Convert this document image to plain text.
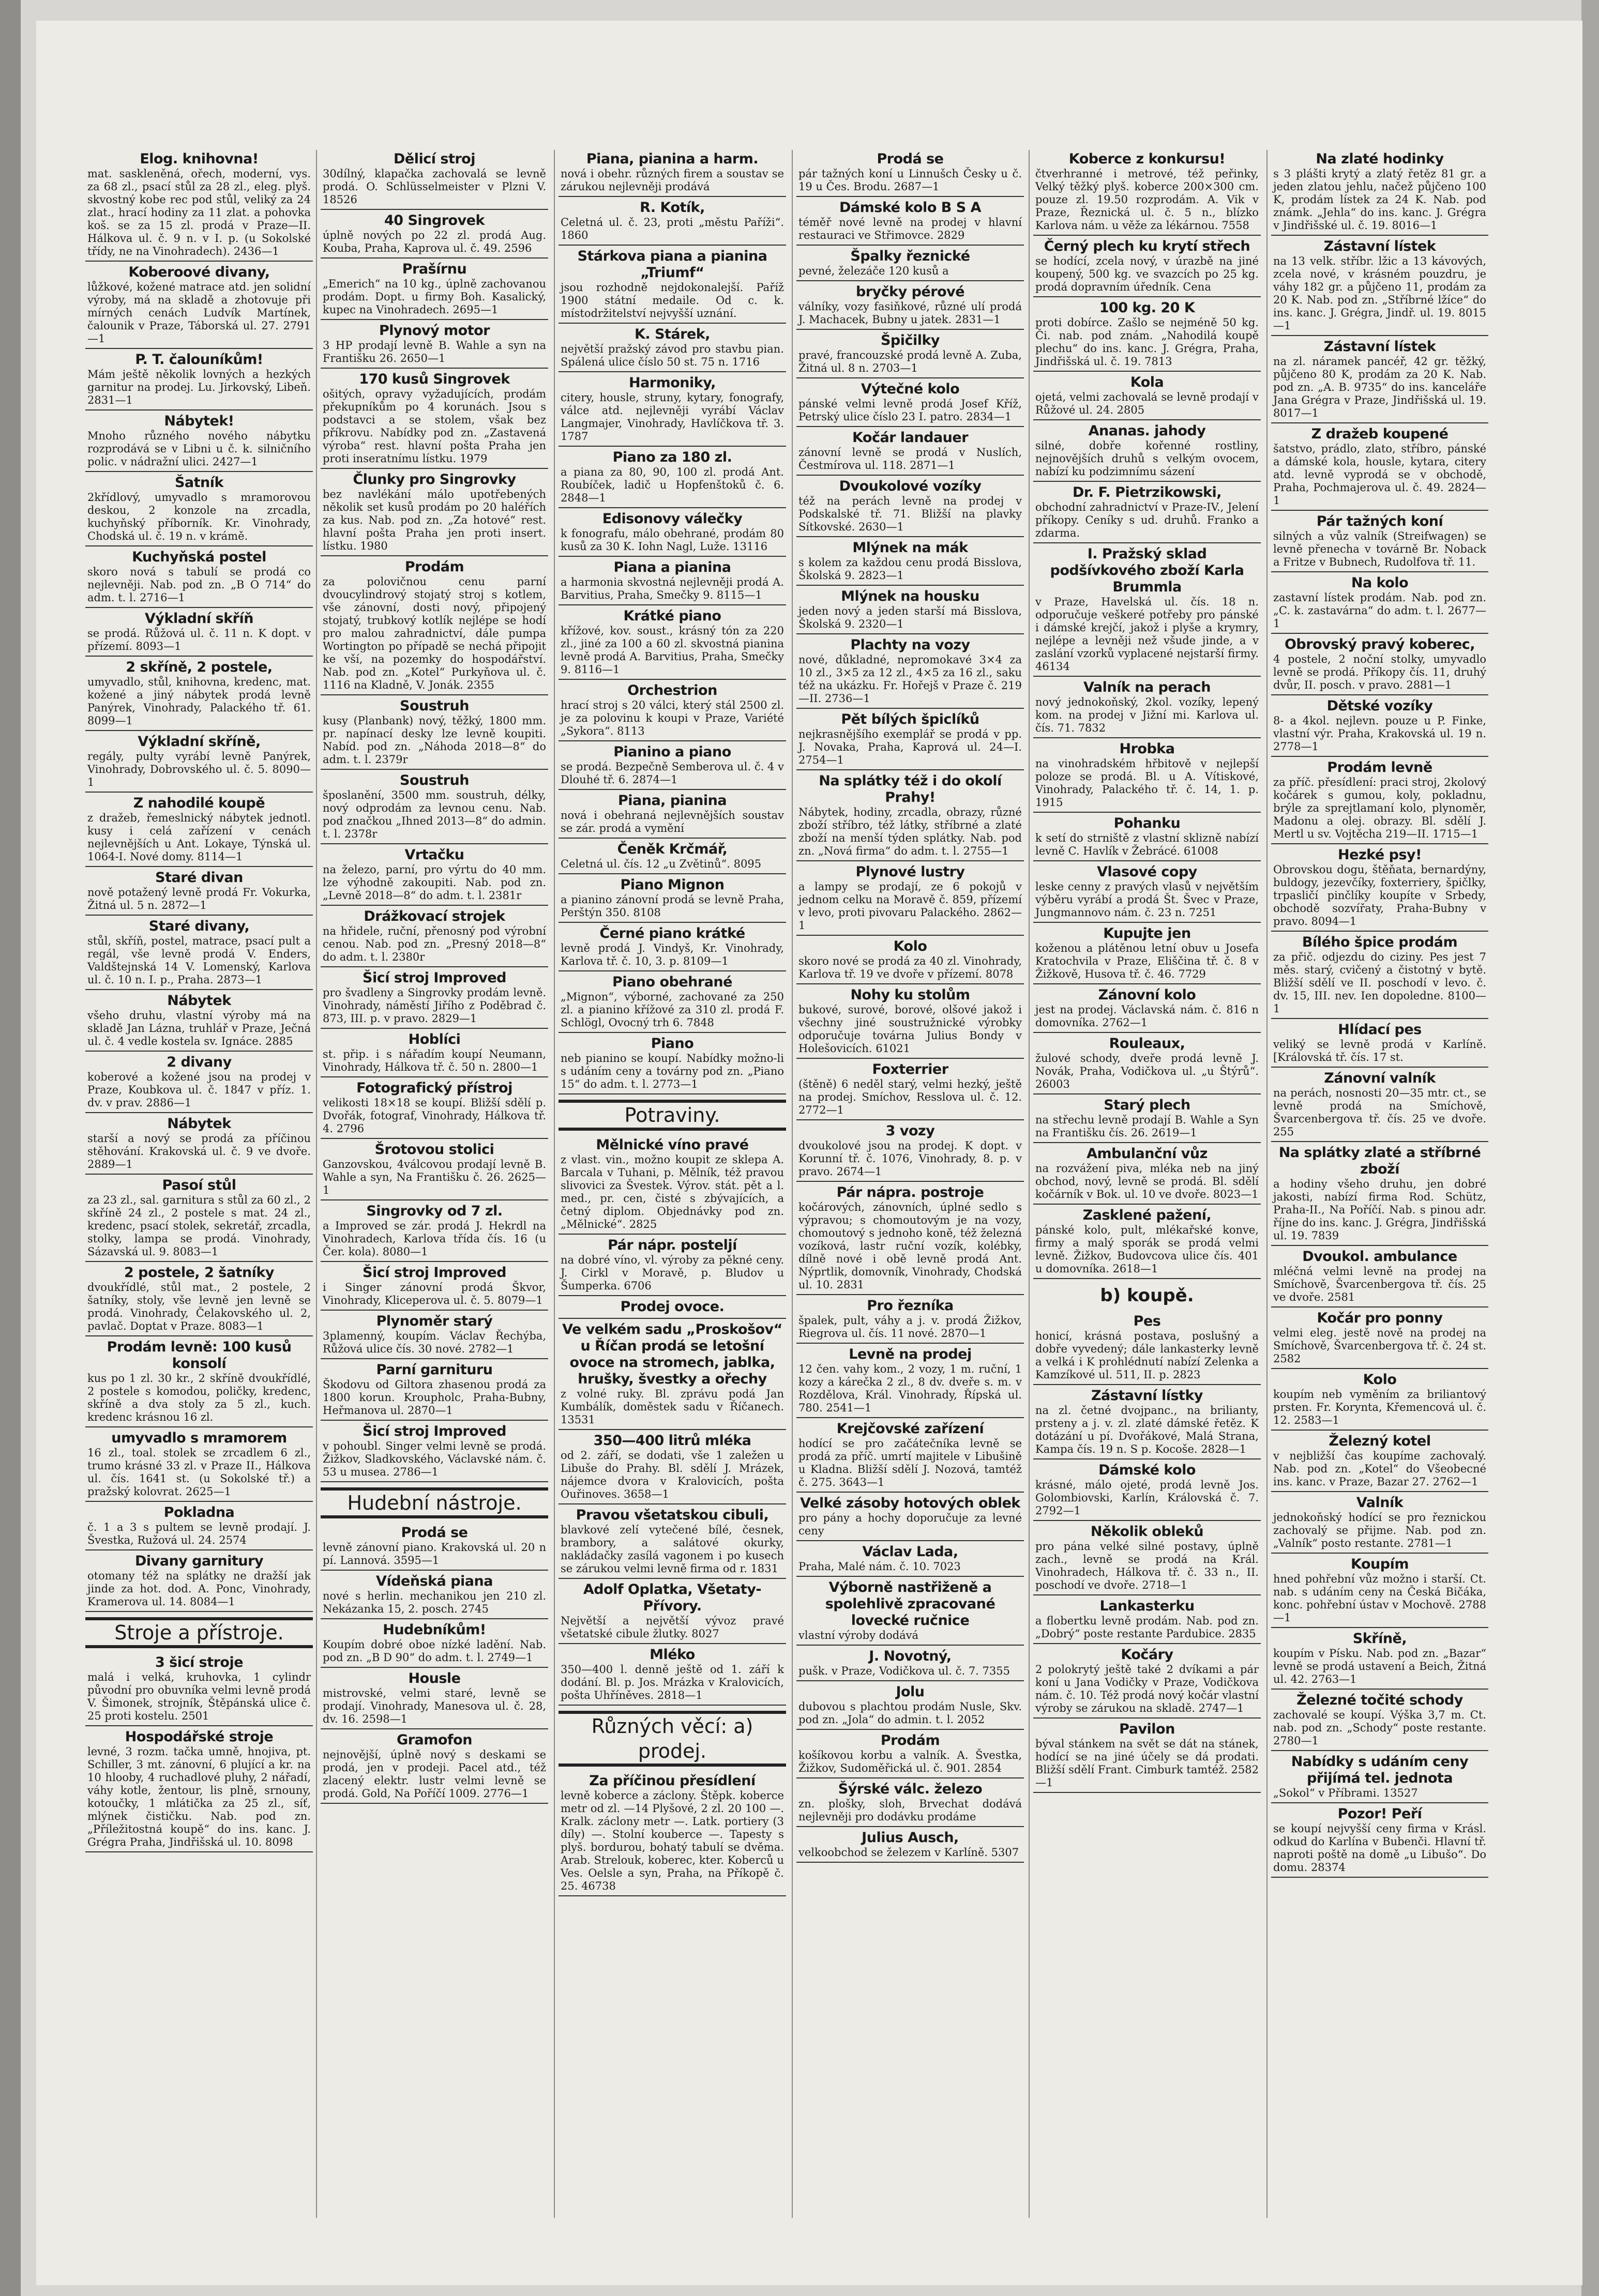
Elog. knihovna!

mat. saskleněná, ořech, moderní, vys. za 68 zl., psací stůl za 28 zl., eleg. plyš. skvostný kobe rec pod stůl, veliký za 24 zlat., hrací hodiny za 11 zlat. a pohovka koš. se za 15 zl. prodá v Praze—II. Hálkova ul. č. 9 n. v I. p. (u Sokolské třídy, ne na Vinohradech). 2436—1

Koberoové divany,

lůžkové, kožené matrace atd. jen solidní výroby, má na skladě a zhotovuje při mírných cenách Ludvík Martínek, čalounik v Praze, Táborská ul. 27. 2791—1

P. T. čalouníkům!

Mám ještě několik lovných a hezkých garnitur na prodej. Lu. Jirkovský, Libeň. 2831—1

Nábytek!

Mnoho různého nového nábytku rozprodává se v Libni u č. k. silničního polic. v nádražní ulici. 2427—1

Šatník

2křídlový, umyvadlo s mramorovou deskou, 2 konzole na zrcadla, kuchyňský příborník. Kr. Vinohrady, Chodská ul. č. 19 n. v krámě.

Kuchyňská postel

skoro nová s tabulí se prodá co nejlevněji. Nab. pod zn. „B O 714“ do adm. t. l. 2716—1

Výkladní skříň

se prodá. Růžová ul. č. 11 n. K dopt. v přízemí. 8093—1

2 skříně, 2 postele,

umyvadlo, stůl, knihovna, kredenc, mat. kožené a jiný nábytek prodá levně Panýrek, Vinohrady, Palackého tř. 61. 8099—1

Výkladní skříně,

regály, pulty vyrábí levně Panýrek, Vinohrady, Dobrovského ul. č. 5. 8090—1

Z nahodilé koupě

z dražeb, řemeslnický nábytek jednotl. kusy i celá zařízení v cenách nejlevnějších u Ant. Lokaye, Týnská ul. 1064-I. Nové domy. 8114—1

Staré divan

nově potažený levně prodá Fr. Vokurka, Žitná ul. 5 n. 2872—1

Staré divany,

stůl, skříň, postel, matrace, psací pult a regál, vše levně prodá V. Enders, Valdštejnská 14 V. Lomenský, Karlova ul. č. 10 n. I. p., Praha. 2873—1

Nábytek

všeho druhu, vlastní výroby má na skladě Jan Lázna, truhlář v Praze, Ječná ul. č. 4 vedle kostela sv. Ignáce. 2885

2 divany

koberové a kožené jsou na prodej v Praze, Koubkova ul. č. 1847 v příz. 1. dv. v prav. 2886—1

Nábytek

starší a nový se prodá za příčinou stěhování. Krakovská ul. č. 9 ve dvoře. 2889—1

Pasoí stůl

za 23 zl., sal. garnitura s stůl za 60 zl., 2 skříně 24 zl., 2 postele s mat. 24 zl., kredenc, psací stolek, sekretář, zrcadla, stolky, lampa se prodá. Vinohrady, Sázavská ul. 9. 8083—1

2 postele, 2 šatníky

dvoukřídlé, stůl mat., 2 postele, 2 šatníky, stoly, vše levně jen levně se prodá. Vinohrady, Čelakovského ul. 2, pavlač. Doptat v Praze. 8083—1

Prodám levně: 100 kusů konsolí

kus po 1 zl. 30 kr., 2 skříně dvoukřídlé, 2 postele s komodou, poličky, kredenc, skříně a dva stoly za 5 zl., kuch. kredenc krásnou 16 zl.

umyvadlo s mramorem

16 zl., toal. stolek se zrcadlem 6 zl., trumo krásné 33 zl. v Praze II., Hálkova ul. čís. 1641 st. (u Sokolské tř.) a pražský kolovrat. 2625—1

Pokladna

č. 1 a 3 s pultem se levně prodají. J. Švestka, Ružová ul. 24. 2574

Divany garnitury

otomany též na splátky ne dražší jak jinde za hot. dod. A. Ponc, Vinohrady, Kramerova ul. 14. 8084—1

Stroje a přístroje.
3 šicí stroje

malá i velká, kruhovka, 1 cylindr původní pro obuvníka velmi levně prodá V. Šimonek, strojník, Štěpánská ulice č. 25 proti kostelu. 2501

Hospodářské stroje

levné, 3 rozm. tačka umně, hnojiva, pt. Schiller, 3 mt. zánovní, 6 plující a kr. na 10 hlooby, 4 ruchadlové pluhy, 2 nářadí, váhy kotle, žentour, lis plně, srnouny, kotoučky, 1 mlátička za 25 zl., síť, mlýnek čističku. Nab. pod zn. „Příležitostná koupě“ do ins. kanc. J. Grégra Praha, Jindřišská ul. 10. 8098

Dělicí stroj

30dílný, klapačka zachovalá se levně prodá. O. Schlüsselmeister v Plzni V. 18526

40 Singrovek

úplně nových po 22 zl. prodá Aug. Kouba, Praha, Kaprova ul. č. 49. 2596

Prašírnu

„Emerich“ na 10 kg., úplně zachovanou prodám. Dopt. u firmy Boh. Kasalický, kupec na Vinohradech. 2695—1

Plynový motor

3 HP prodají levně B. Wahle a syn na Františku 26. 2650—1

170 kusů Singrovek

ošitých, opravy vyžadujících, prodám překupníkům po 4 korunách. Jsou s podstavci a se stolem, však bez příkrovu. Nabídky pod zn. „Zastavená výroba“ rest. hlavní pošta Praha jen proti inseratnímu lístku. 1979

Člunky pro Singrovky

bez navlékání málo upotřebených několik set kusů prodám po 20 haléřích za kus. Nab. pod zn. „Za hotové“ rest. hlavní pošta Praha jen proti insert. lístku. 1980

Prodám

za polovičnou cenu parní dvoucylindrový stojatý stroj s kotlem, vše zánovní, dosti nový, připojený stojatý, trubkový kotlík nejlépe se hodí pro malou zahradnictví, dále pumpa Wortington po případě se nechá připojit ke vší, na pozemky do hospodářství. Nab. pod zn. „Kotel“ Purkyňova ul. č. 1116 na Kladně, V. Jonák. 2355

Soustruh

kusy (Planbank) nový, těžký, 1800 mm. pr. napínací desky lze levně koupiti. Nabíd. pod zn. „Náhoda 2018—8“ do adm. t. l. 2379r

Soustruh

šposlanění, 3500 mm. soustruh, délky, nový odprodám za levnou cenu. Nab. pod značkou „Ihned 2013—8“ do admin. t. l. 2378r

Vrtačku

na železo, parní, pro výrtu do 40 mm. lze výhodně zakoupiti. Nab. pod zn. „Levně 2018—8“ do adm. t. l. 2381r

Drážkovací strojek

na hřidele, ruční, přenosný pod výrobní cenou. Nab. pod zn. „Presný 2018—8“ do adm. t. l. 2380r

Šicí stroj Improved

pro švadleny a Singrovky prodám levně. Vinohrady, náměstí Jiřího z Poděbrad č. 873, III. p. v pravo. 2829—1

Hoblíci

st. přip. i s nářadím koupí Neumann, Vinohrady, Hálkova tř. č. 50 n. 2800—1

Fotografický přístroj

velikosti 18×18 se koupí. Bližší sdělí p. Dvořák, fotograf, Vinohrady, Hálkova tř. 4. 2796

Šrotovou stolici

Ganzovskou, 4válcovou prodají levně B. Wahle a syn, Na Františku č. 26. 2625—1

Singrovky od 7 zl.

a Improved se zár. prodá J. Hekrdl na Vinohradech, Karlova třída čís. 16 (u Čer. kola). 8080—1

Šicí stroj Improved

i Singer zánovní prodá Škvor, Vinohrady, Kliceperova ul. č. 5. 8079—1

Plynoměr starý

3plamenný, koupím. Václav Řechýba, Růžová ulice čís. 30 nové. 2782—1

Parní garnituru

Škodovu od Giltora zhasenou prodá za 1800 korun. Kroupholc, Praha-Bubny, Heřmanova ul. 2870—1

Šicí stroj Improved

v pohoubl. Singer velmi levně se prodá. Žižkov, Sladkovského, Václavské nám. č. 53 u musea. 2786—1

Hudební nástroje.
Prodá se

levně zánovní piano. Krakovská ul. 20 n pí. Lannová. 3595—1

Vídeňská piana

nové s herlin. mechanikou jen 210 zl. Nekázanka 15, 2. posch. 2745

Hudebníkům!

Koupím dobré oboe nízké ladění. Nab. pod zn. „B D 90“ do adm. t. l. 2749—1

Housle

mistrovské, velmi staré, levně se prodají. Vinohrady, Manesova ul. č. 28, dv. 16. 2598—1

Gramofon

nejnovější, úplně nový s deskami se prodá, jen v prodeji. Pacel atd., též zlacený elektr. lustr velmi levně se prodá. Gold, Na Poříčí 1009. 2776—1

Piana, pianina a harm.

nová i obehr. různých firem a soustav se zárukou nejlevněji prodává

R. Kotík,

Celetná ul. č. 23, proti „městu Paříži“. 1860

Stárkova piana a pianina „Triumf“

jsou rozhodně nejdokonalejší. Paříž 1900 státní medaile. Od c. k. místodržitelství nejvyšší uznání.

K. Stárek,

největší pražský závod pro stavbu pian. Spálená ulice číslo 50 st. 75 n. 1716

Harmoniky,

citery, housle, struny, kytary, fonografy, válce atd. nejlevněji vyrábí Václav Langmajer, Vinohrady, Havlíčkova tř. 3. 1787

Piano za 180 zl.

a piana za 80, 90, 100 zl. prodá Ant. Roubíček, ladič u Hopfenštoků č. 6. 2848—1

Edisonovy válečky

k fonografu, málo obehrané, prodám 80 kusů za 30 K. Iohn Nagl, Luže. 13116

Piana a pianina

a harmonia skvostná nejlevněji prodá A. Barvitius, Praha, Smečky 9. 8115—1

Krátké piano

křížové, kov. soust., krásný tón za 220 zl., jiné za 100 a 60 zl. skvostná pianina levně prodá A. Barvitius, Praha, Smečky 9. 8116—1

Orchestrion

hrací stroj s 20 válci, který stál 2500 zl. je za polovinu k koupi v Praze, Variété „Sykora“. 8113

Pianino a piano

se prodá. Bezpečně Semberova ul. č. 4 v Dlouhé tř. 6. 2874—1

Piana, pianina

nová i obehraná nejlevnějších soustav se zár. prodá a vymění

Čeněk Krčmář,

Celetná ul. čís. 12 „u Zvětinů“. 8095

Piano Mignon

a pianino zánovní prodá se levně Praha, Perštýn 350. 8108

Černé piano krátké

levně prodá J. Vindyš, Kr. Vinohrady, Karlova tř. č. 10, 3. p. 8109—1

Piano obehrané

„Mignon“, výborné, zachované za 250 zl. a pianino křížové za 310 zl. prodá F. Schlögl, Ovocný trh 6. 7848

Piano

neb pianino se koupí. Nabídky možno-li s udáním ceny a továrny pod zn. „Piano 15“ do adm. t. l. 2773—1

Potraviny.
Mělnické víno pravé

z vlast. vin., možno koupit ze sklepa A. Barcala v Tuhani, p. Mělník, též pravou slivovici za Švestek. Výrov. stát. pět a l. med., pr. cen, čisté s zbývajících, a četný diplom. Objednávky pod zn. „Mělnické“. 2825

Pár nápr. posteljí

na dobré víno, vl. výroby za pěkné ceny. J. Cirkl v Moravě, p. Bludov u Šumperka. 6706

Prodej ovoce.
Ve velkém sadu „Proskošov“ u Říčan prodá se letošní ovoce na stromech, jablka, hrušky, švestky a ořechy

z volné ruky. Bl. zprávu podá Jan Kumbálík, doměstek sadu v Říčanech. 13531

350—400 litrů mléka

od 2. září, se dodati, vše 1 zaležen u Libuše do Prahy. Bl. sdělí J. Mrázek, nájemce dvora v Kralovicích, pošta Ouřinoves. 3658—1

Pravou všetatskou cibuli,

blavkové zelí vytečené bílé, česnek, brambory, a salátové okurky, nakládačky zasílá vagonem i po kusech se zárukou velmi levně firma od r. 1831

Adolf Oplatka, Všetaty-Přívory.

Největší a největší vývoz pravé všetatské cibule žlutky. 8027

Mléko

350—400 l. denně ještě od 1. září k dodání. Bl. p. Jos. Mrázka v Kralovicích, pošta Uhříněves. 2818—1

Různých věcí: a) prodej.
Za příčinou přesídlení

levně koberce a záclony. Štěpk. koberce metr od zl. —14 Plyšové, 2 zl. 20 100 —. Kralk. záclony metr —. Latk. portiery (3 díly) —. Stolní kouberce —. Tapesty s plyš. bordurou, bohatý tabulí se dvěma. Arab. Strelouk, koberec, kter. Koberců u Ves. Oelsle a syn, Praha, na Příkopě č. 25. 46738

Prodá se

pár tažných koní u Linnušch Česky u č. 19 u Čes. Brodu. 2687—1

Dámské kolo B S A

téměř nové levně na prodej v hlavní restauraci ve Střimovce. 2829

Špalky řeznické

pevné, železáče 120 kusů a

bryčky pérové

válníky, vozy fasiňkové, různé ulí prodá J. Machacek, Bubny u jatek. 2831—1

Špičilky

pravé, francouzské prodá levně A. Zuba, Žitná ul. 8 n. 2703—1

Výtečné kolo

pánské velmi levně prodá Josef Kříž, Petrský ulice číslo 23 I. patro. 2834—1

Kočár landauer

zánovní levně se prodá v Nuslích, Čestmírova ul. 118. 2871—1

Dvoukolové vozíky

též na perách levně na prodej v Podskalské tř. 71. Bližší na plavky Sítkovské. 2630—1

Mlýnek na mák

s kolem za každou cenu prodá Bisslova, Školská 9. 2823—1

Mlýnek na housku

jeden nový a jeden starší má Bisslova, Školská 9. 2320—1

Plachty na vozy

nové, důkladné, nepromokavé 3×4 za 10 zl., 3×5 za 12 zl., 4×5 za 16 zl., saku též na ukázku. Fr. Hořejš v Praze č. 219—II. 2736—1

Pět bílých špiclíků

nejkrasnějšího exemplář se prodá v pp. J. Novaka, Praha, Kaprová ul. 24—I. 2754—1

Na splátky též i do okolí Prahy!

Nábytek, hodiny, zrcadla, obrazy, různé zboží stříbro, též látky, stříbrné a zlaté zboží na menší týden splátky. Nab. pod zn. „Nová firma“ do adm. t. l. 2755—1

Plynové lustry

a lampy se prodají, ze 6 pokojů v jednom celku na Moravě č. 859, přízemí v levo, proti pivovaru Palackého. 2862—1

Kolo

skoro nové se prodá za 40 zl. Vinohrady, Karlova tř. 19 ve dvoře v přízemí. 8078

Nohy ku stolům

bukové, surové, borové, olšové jakož i všechny jiné soustružnické výrobky odporučuje továrna Julius Bondy v Holešovicích. 61021

Foxterrier

(štěně) 6 neděl starý, velmi hezký, ještě na prodej. Smíchov, Resslova ul. č. 12. 2772—1

3 vozy

dvoukolové jsou na prodej. K dopt. v Korunní tř. č. 1076, Vinohrady, 8. p. v pravo. 2674—1

Pár nápra. postroje

kočárových, zánovních, úplné sedlo s výpravou; s chomoutovým je na vozy, chomoutový s jednoho koně, též železná vozíková, lastr ruční vozík, kolébky, dílně nové i obě levně prodá Ant. Nýprtlik, domovník, Vinohrady, Chodská ul. 10. 2831

Pro řezníka

špalek, pult, váhy a j. v. prodá Žižkov, Riegrova ul. čís. 11 nové. 2870—1

Levně na prodej

12 čen. vahy kom., 2 vozy, 1 m. ruční, 1 kozy a kárečka 2 zl., 8 dv. dveře s. m. v Rozdělova, Král. Vinohrady, Řípská ul. 780. 2541—1

Krejčovské zařízení

hodící se pro začátečníka levně se prodá za příč. umrtí majitele v Libušině u Kladna. Bližší sdělí J. Nozová, tamtéž č. 275. 3643—1

Velké zásoby hotových oblek

pro pány a hochy doporučuje za levné ceny

Václav Lada,

Praha, Malé nám. č. 10. 7023

Výborně nastřiženě a spolehlivě zpracované lovecké ručnice

vlastní výroby dodává

J. Novotný,

pušk. v Praze, Vodičkova ul. č. 7. 7355

Jolu

dubovou s plachtou prodám Nusle, Skv. pod zn. „Jola“ do admin. t. l. 2052

Prodám

košíkovou korbu a valník. A. Švestka, Žižkov, Sudoměřická ul. č. 901. 2854

Šýrské válc. železo

zn. plošky, sloh, Brvechat dodává nejlevněji pro dodávku prodáme

Julius Ausch,

velkoobchod se železem v Karlíně. 5307

Koberce z konkursu!

čtverhranné i metrové, též peřinky, Velký těžký plyš. koberce 200×300 cm. pouze zl. 19.50 rozprodám. A. Vik v Praze, Řeznická ul. č. 5 n., blízko Karlova nám. u věže za lékárnou. 7558

Černý plech ku krytí střech

se hodící, zcela nový, v úrazbě na jiné koupený, 500 kg. ve svazcích po 25 kg. prodá dopravním úředník. Cena

100 kg. 20 K

proti dobírce. Zašlo se nejméně 50 kg. Či. nab. pod znám. „Nahodilá koupě plechu“ do ins. kanc. J. Grégra, Praha, Jindřišská ul. č. 19. 7813

Kola

ojetá, velmi zachovalá se levně prodají v Růžové ul. 24. 2805

Ananas. jahody

silné, dobře kořenné rostliny, nejnovějších druhů s velkým ovocem, nabízí ku podzimnímu sázení

Dr. F. Pietrzikowski,

obchodní zahradnictví v Praze-IV., Jelení příkopy. Ceníky s ud. druhů. Franko a zdarma.

I. Pražský sklad podšívkového zboží Karla Brummla

v Praze, Havelská ul. čís. 18 n. odporučuje veškeré potřeby pro pánské i dámské krejčí, jakož i plyše a krymry, nejlépe a levněji než všude jinde, a v zaslání vzorků vyplacené nejstarší firmy. 46134

Valník na perach

nový jednokoňský, 2kol. vozíky, lepený kom. na prodej v Jižní mi. Karlova ul. čís. 71. 7832

Hrobka

na vinohradském hřbitově v nejlepší poloze se prodá. Bl. u A. Vítiskové, Vinohrady, Palackého tř. č. 14, 1. p. 1915

Pohanku

k setí do strniště z vlastní sklizně nabízí levně C. Havlík v Žebrácé. 61008

Vlasové copy

leske cenny z pravých vlasů v největším výběru vyrábí a prodá Št. Švec v Praze, Jungmannovo nám. č. 23 n. 7251

Kupujte jen

koženou a plátěnou letní obuv u Josefa Kratochvila v Praze, Eliščina tř. č. 8 v Žižkově, Husova tř. č. 46. 7729

Zánovní kolo

jest na prodej. Václavská nám. č. 816 n domovníka. 2762—1

Rouleaux,

žulové schody, dveře prodá levně J. Novák, Praha, Vodičkova ul. „u Štýrů“. 26003

Starý plech

na střechu levně prodají B. Wahle a Syn na Františku čís. 26. 2619—1

Ambulanční vůz

na rozvážení piva, mléka neb na jiný obchod, nový, levně se prodá. Bl. sdělí kočárník v Bok. ul. 10 ve dvoře. 8023—1

Zasklené pažení,

pánské kolo, pult, mlékařské konve, firmy a malý sporák se prodá velmi levně. Žižkov, Budovcova ulice čís. 401 u domovníka. 2618—1

b) koupě.
Pes

honicí, krásná postava, poslušný a dobře vyvedený; dále lankasterky levně a velká i K prohlédnutí nabízí Zelenka a Kamzíkové ul. 511, II. p. 2823

Zástavní lístky

na zl. četné dvojpanc., na brilianty, prsteny a j. v. zl. zlaté dámské řetěz. K dotázání u pí. Dvořákové, Malá Strana, Kampa čís. 19 n. S p. Kocoše. 2828—1

Dámské kolo

krásné, málo ojeté, prodá levně Jos. Golombiovski, Karlín, Královská č. 7. 2792—1

Několik obleků

pro pána velké silné postavy, úplně zach., levně se prodá na Král. Vinohradech, Hálkova tř. č. 33 n., II. poschodí ve dvoře. 2718—1

Lankasterku

a flobertku levně prodám. Nab. pod zn. „Dobrý“ poste restante Pardubice. 2835

Kočáry

2 polokrytý ještě také 2 dvíkami a pár koní u Jana Vodičky v Praze, Vodičkova nám. č. 10. Též prodá nový kočár vlastní výroby se zárukou na skladě. 2747—1

Pavilon

býval stánkem na svět se dát na stánek, hodící se na jiné účely se dá prodati. Bližší sdělí Frant. Cimburk tamtéž. 2582—1

Na zlaté hodinky

s 3 plášti krytý a zlatý řetěz 81 gr. a jeden zlatou jehlu, načež půjčeno 100 K, prodám lístek za 24 K. Nab. pod známk. „Jehla“ do ins. kanc. J. Grégra v Jindřišské ul. č. 19. 8016—1

Zástavní lístek

na 13 velk. stříbr. lžic a 13 kávových, zcela nové, v krásném pouzdru, je váhy 182 gr. a půjčeno 11, prodám za 20 K. Nab. pod zn. „Stříbrné lžíce“ do ins. kanc. J. Grégra, Jindř. ul. 19. 8015—1

Zástavní lístek

na zl. náramek pancéř, 42 gr. těžký, půjčeno 80 K, prodám za 20 K. Nab. pod zn. „A. B. 9735“ do ins. kanceláře Jana Grégra v Praze, Jindřišská ul. 19. 8017—1

Z dražeb koupené

šatstvo, prádlo, zlato, stříbro, pánské a dámské kola, housle, kytara, citery atd. levně vyprodá se v obchodě, Praha, Pochmajerova ul. č. 49. 2824—1

Pár tažných koní

silných a vůz valník (Streifwagen) se levně přenecha v továrně Br. Noback a Fritze v Bubnech, Rudolfova tř. 11.

Na kolo

zastavní lístek prodám. Nab. pod zn. „C. k. zastavárna“ do adm. t. l. 2677—1

Obrovský pravý koberec,

4 postele, 2 noční stolky, umyvadlo levně se prodá. Příkopy čís. 11, druhý dvůr, II. posch. v pravo. 2881—1

Dětské vozíky

8- a 4kol. nejlevn. pouze u P. Finke, vlastní výr. Praha, Krakovská ul. 19 n. 2778—1

Prodám levně

za příč. přesídlení: praci stroj, 2kolový kočárek s gumou, koly, pokladnu, brýle za sprejtlamaní kolo, plynoměr, Madonu a olej. obrazy. Bl. sdělí J. Mertl u sv. Vojtěcha 219—II. 1715—1

Hezké psy!

Obrovskou dogu, štěňata, bernardýny, buldogy, jezevčíky, foxterriery, špičlky, trpasličí pinčlíky koupíte v Srbedy, obchodě sozvířaty, Praha-Bubny v pravo. 8094—1

Bílého špice prodám

za přič. odjezdu do ciziny. Pes jest 7 měs. starý, cvičený a čistotný v bytě. Bližší sdělí ve II. poschodí v levo. č. dv. 15, III. nev. Ien dopoledne. 8100—1

Hlídací pes

veliký se levně prodá v Karlíně. [Královská tř. čís. 17 st.

Zánovní valník

na perách, nosnosti 20—35 mtr. ct., se levně prodá na Smíchově, Švarcenbergova tř. čís. 25 ve dvoře. 255

Na splátky zlaté a stříbrné zboží

a hodiny všeho druhu, jen dobré jakosti, nabízí firma Rod. Schütz, Praha-II., Na Poříčí. Nab. s pinou adr. říjne do ins. kanc. J. Grégra, Jindřišská ul. 19. 7839

Dvoukol. ambulance

mléčná velmi levně na prodej na Smíchově, Švarcenbergova tř. čís. 25 ve dvoře. 2581

Kočár pro ponny

velmi eleg. jestě nově na prodej na Smíchově, Švarcenbergova tř. č. 24 st. 2582

Kolo

koupím neb vyměním za briliantový prsten. Fr. Korynta, Křemencová ul. č. 12. 2583—1

Železný kotel

v nejbližší čas koupíme zachovalý. Nab. pod zn. „Kotel“ do Všeobecné ins. kanc. v Praze, Bazar 27. 2762—1

Valník

jednokoňský hodící se pro řeznickou zachovalý se přijme. Nab. pod zn. „Valník“ posto restante. 2781—1

Koupím

hned pohřební vůz možno i starší. Ct. nab. s udáním ceny na Česká Bičáka, konc. pohřební ústav v Mochově. 2788—1

Skříně,

koupím v Písku. Nab. pod zn. „Bazar“ levně se prodá ustavení a Beich, Žitná ul. 42. 2763—1

Železné točité schody

zachovalé se koupí. Výška 3,7 m. Ct. nab. pod zn. „Schody“ poste restante. 2780—1

Nabídky s udáním ceny přijímá tel. jednota

„Sokol“ v Příbrami. 13527

Pozor! Peří

se koupí nejvyšší ceny firma v Krásl. odkud do Karlína v Bubenči. Hlavní tř. naproti poště na domě „u Libušo“. Do domu. 28374
